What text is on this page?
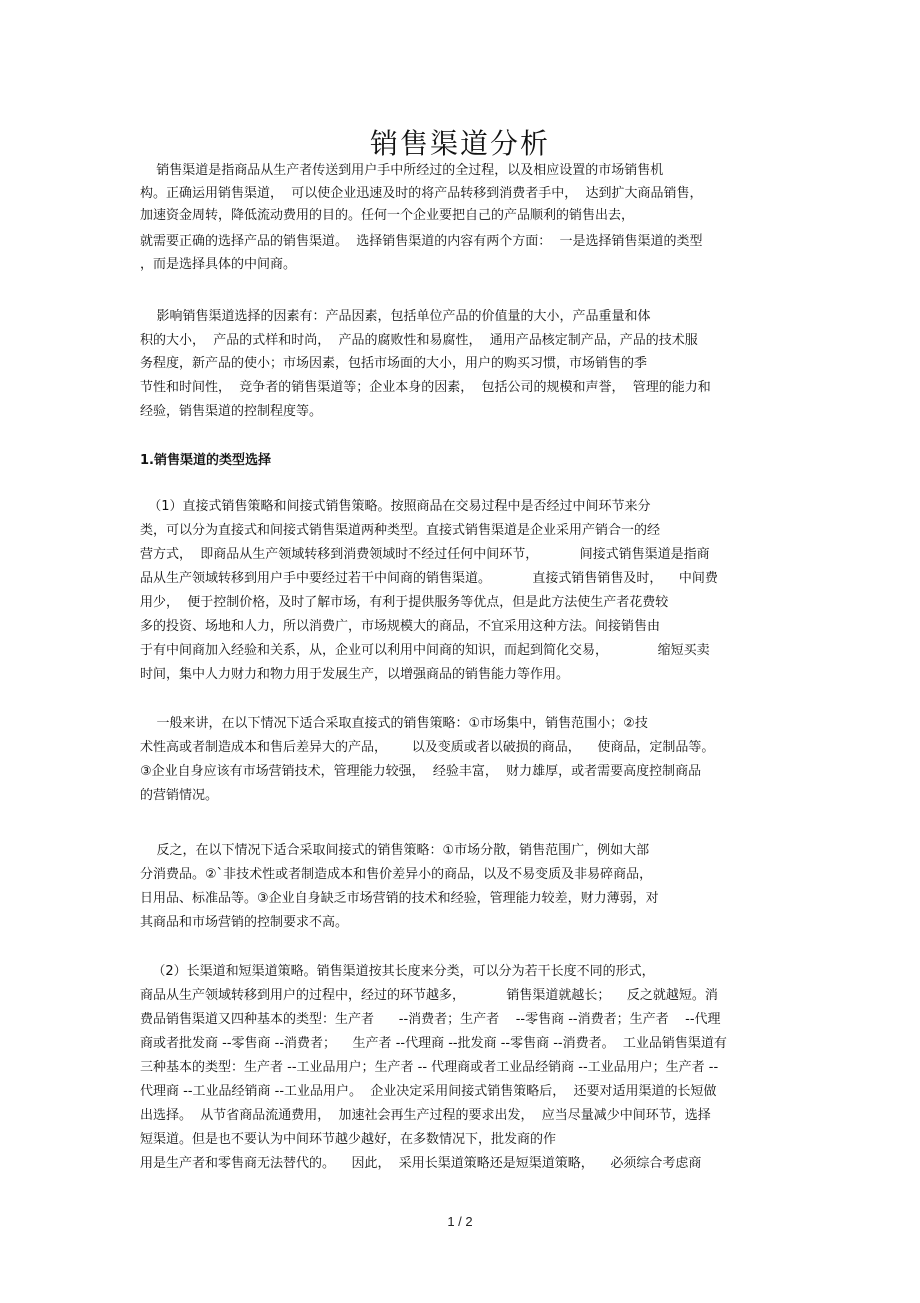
销售渠道分析
销售渠道是指商品从生产者传送到用户手中所经过的全过程，以及相应设置的市场销售机
构。正确运用销售渠道，  可以使企业迅速及时的将产品转移到消费者手中，  达到扩大商品销售，
加速资金周转，降低流动费用的目的。任何一个企业要把自己的产品顺利的销售出去，
就需要正确的选择产品的销售渠道。  选择销售渠道的内容有两个方面：  一是选择销售渠道的类型
，而是选择具体的中间商。
影响销售渠道选择的因素有：产品因素，包括单位产品的价值量的大小，产品重量和体
积的大小，  产品的式样和时尚，  产品的腐败性和易腐性，  通用产品核定制产品，产品的技术服
务程度，新产品的使小；市场因素，包括市场面的大小，用户的购买习惯，市场销售的季
节性和时间性，  竞争者的销售渠道等；企业本身的因素，  包括公司的规模和声誉，  管理的能力和
经验，销售渠道的控制程度等。
1.销售渠道的类型选择
（1）直接式销售策略和间接式销售策略。按照商品在交易过程中是否经过中间环节来分
类，可以分为直接式和间接式销售渠道两种类型。直接式销售渠道是企业采用产销合一的经
营方式，  即商品从生产领域转移到消费领域时不经过任何中间环节，          间接式销售渠道是指商
品从生产领域转移到用户手中要经过若干中间商的销售渠道。          直接式销售销售及时，    中间费
用少，  便于控制价格，及时了解市场，有利于提供服务等优点，但是此方法使生产者花费较
多的投资、场地和人力，所以消费广，市场规模大的商品，不宜采用这种方法。间接销售由
于有中间商加入经验和关系，从，企业可以利用中间商的知识，而起到简化交易，            缩短买卖
时间，集中人力财力和物力用于发展生产，以增强商品的销售能力等作用。
一般来讲，在以下情况下适合采取直接式的销售策略：①市场集中，销售范围小；②技
术性高或者制造成本和售后差异大的产品，      以及变质或者以破损的商品，    使商品，定制品等。
③企业自身应该有市场营销技术，管理能力较强，  经验丰富，  财力雄厚，或者需要高度控制商品
的营销情况。
反之，在以下情况下适合采取间接式的销售策略：①市场分散，销售范围广，例如大部
分消费品。②`非技术性或者制造成本和售价差异小的商品，以及不易变质及非易碎商品，
日用品、标准品等。③企业自身缺乏市场营销的技术和经验，管理能力较差，财力薄弱，对
其商品和市场营销的控制要求不高。
（2）长渠道和短渠道策略。销售渠道按其长度来分类，可以分为若干长度不同的形式，
商品从生产领域转移到用户的过程中，经过的环节越多，          销售渠道就越长；    反之就越短。消
费品销售渠道又四种基本的类型：生产者      --消费者；生产者    --零售商 --消费者；生产者    --代理
商或者批发商 --零售商 --消费者；    生产者 --代理商 --批发商 --零售商 --消费者。  工业品销售渠道有
三种基本的类型：生产者 --工业品用户；生产者 -- 代理商或者工业品经销商 --工业品用户；生产者 --
代理商 --工业品经销商 --工业品用户。  企业决定采用间接式销售策略后，  还要对适用渠道的长短做
出选择。  从节省商品流通费用，  加速社会再生产过程的要求出发，  应当尽量减少中间环节，选择
短渠道。但是也不要认为中间环节越少越好，在多数情况下，批发商的作
用是生产者和零售商无法替代的。    因此，  采用长渠道策略还是短渠道策略，    必须综合考虑商
1 / 2
